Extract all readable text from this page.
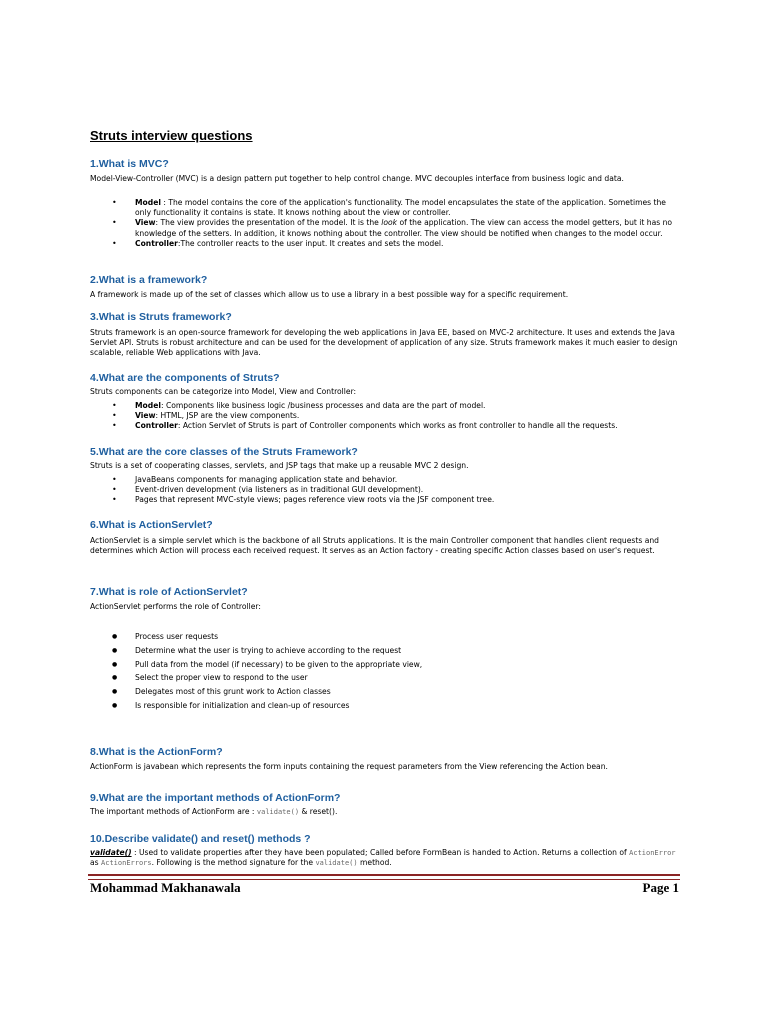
Struts interview questions
1.What is MVC?
Model-View-Controller (MVC) is a design pattern put together to help control change. MVC decouples interface from business logic and data.
• Model : The model contains the core of the application's functionality. The model encapsulates the state of the application. Sometimes the only functionality it contains is state. It knows nothing about the view or controller.
• View: The view provides the presentation of the model. It is the look of the application. The view can access the model getters, but it has no knowledge of the setters. In addition, it knows nothing about the controller. The view should be notified when changes to the model occur.
• Controller:The controller reacts to the user input. It creates and sets the model.
2.What is a framework?
A framework is made up of the set of classes which allow us to use a library in a best possible way for a specific requirement.
3.What is Struts framework?
Struts framework is an open-source framework for developing the web applications in Java EE, based on MVC-2 architecture. It uses and extends the Java Servlet API. Struts is robust architecture and can be used for the development of application of any size. Struts framework makes it much easier to design scalable, reliable Web applications with Java.
4.What are the components of Struts?
Struts components can be categorize into Model, View and Controller:
• Model: Components like business logic /business processes and data are the part of model.
• View: HTML, JSP are the view components.
• Controller: Action Servlet of Struts is part of Controller components which works as front controller to handle all the requests.
5.What are the core classes of the Struts Framework?
Struts is a set of cooperating classes, servlets, and JSP tags that make up a reusable MVC 2 design.
• JavaBeans components for managing application state and behavior.
• Event-driven development (via listeners as in traditional GUI development).
• Pages that represent MVC-style views; pages reference view roots via the JSF component tree.
6.What is ActionServlet?
ActionServlet is a simple servlet which is the backbone of all Struts applications. It is the main Controller component that handles client requests and determines which Action will process each received request. It serves as an Action factory - creating specific Action classes based on user's request.
7.What is role of ActionServlet?
ActionServlet performs the role of Controller:
● Process user requests
● Determine what the user is trying to achieve according to the request
● Pull data from the model (if necessary) to be given to the appropriate view,
● Select the proper view to respond to the user
● Delegates most of this grunt work to Action classes
● Is responsible for initialization and clean-up of resources
8.What is the ActionForm?
ActionForm is javabean which represents the form inputs containing the request parameters from the View referencing the Action bean.
9.What are the important methods of ActionForm?
The important methods of ActionForm are : validate() & reset().
10.Describe validate() and reset() methods ?
validate() : Used to validate properties after they have been populated; Called before FormBean is handed to Action. Returns a collection of ActionError as ActionErrors. Following is the method signature for the validate() method.
Mohammad Makhanawala	Page 1
